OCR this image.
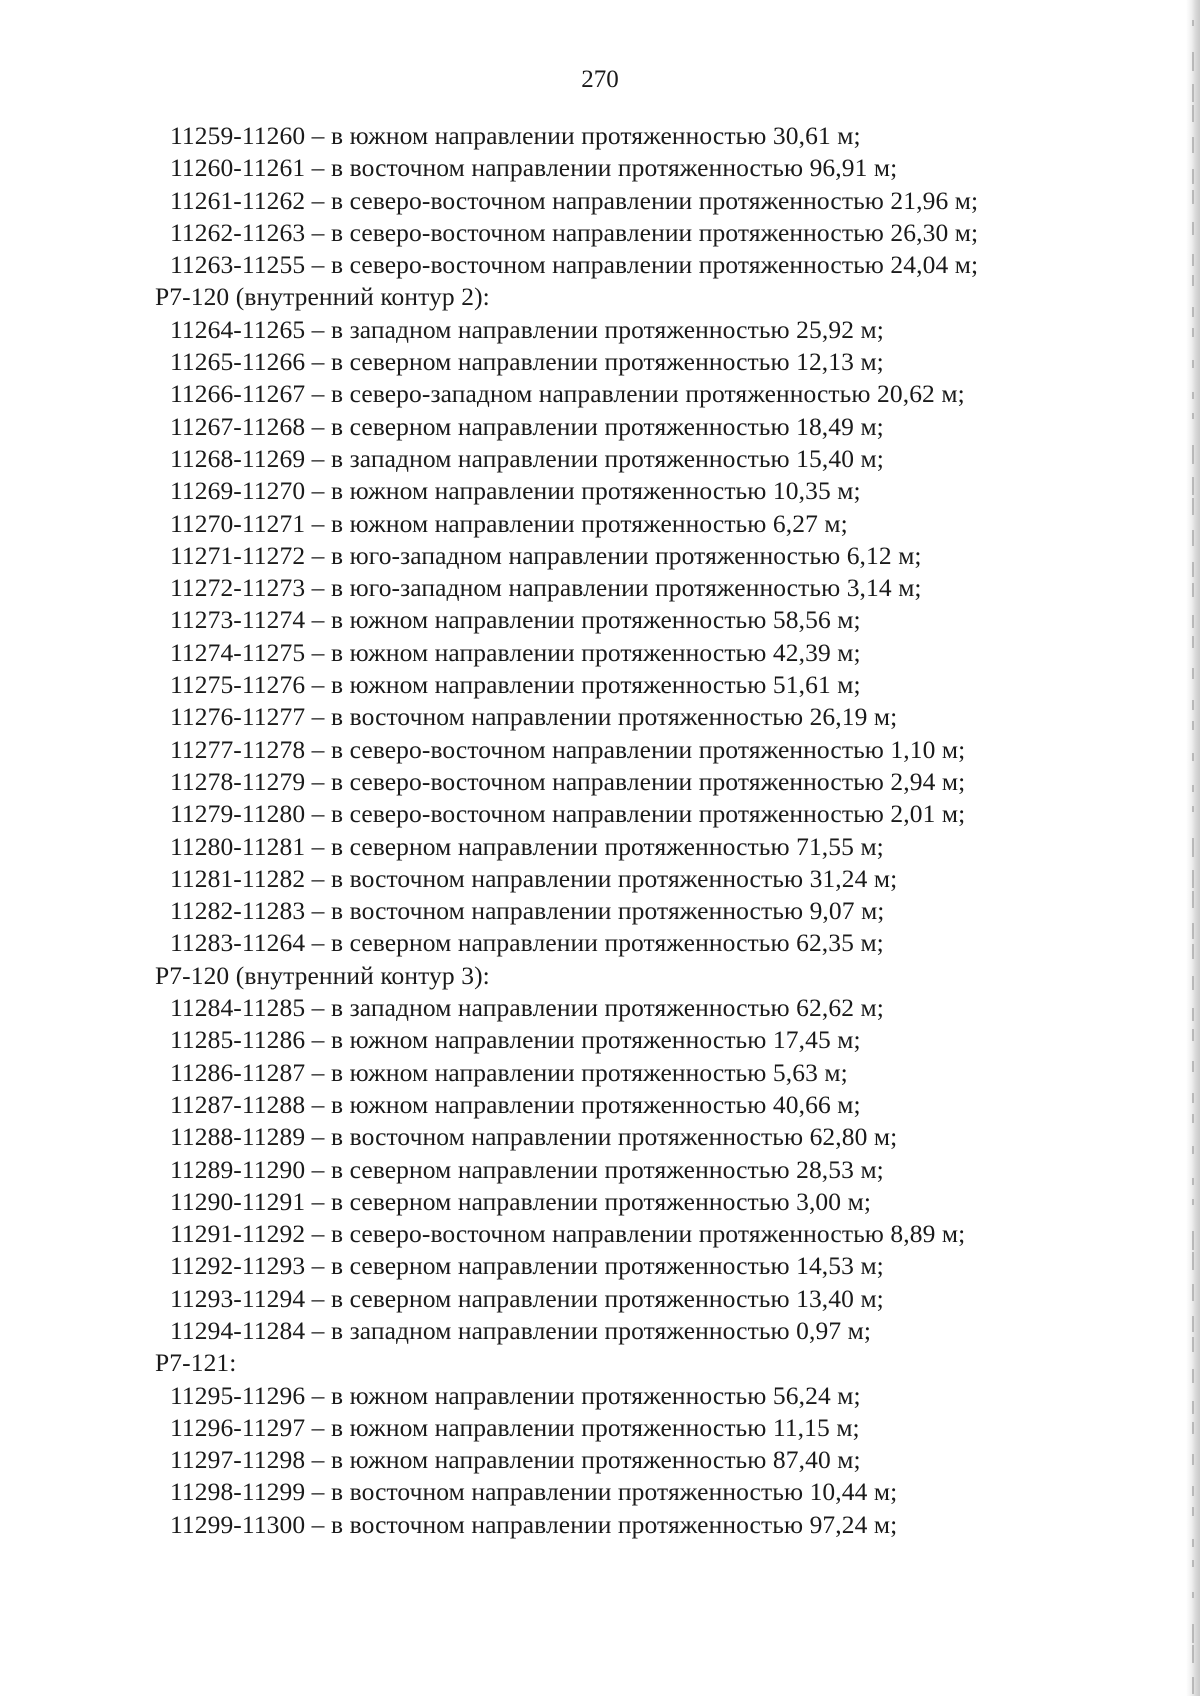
270
11259-11260 – в южном направлении протяженностью 30,61 м;
11260-11261 – в восточном направлении протяженностью 96,91 м;
11261-11262 – в северо-восточном направлении протяженностью 21,96 м;
11262-11263 – в северо-восточном направлении протяженностью 26,30 м;
11263-11255 – в северо-восточном направлении протяженностью 24,04 м;
Р7-120 (внутренний контур 2):
11264-11265 – в западном направлении протяженностью 25,92 м;
11265-11266 – в северном направлении протяженностью 12,13 м;
11266-11267 – в северо-западном направлении протяженностью 20,62 м;
11267-11268 – в северном направлении протяженностью 18,49 м;
11268-11269 – в западном направлении протяженностью 15,40 м;
11269-11270 – в южном направлении протяженностью 10,35 м;
11270-11271 – в южном направлении протяженностью 6,27 м;
11271-11272 – в юго-западном направлении протяженностью 6,12 м;
11272-11273 – в юго-западном направлении протяженностью 3,14 м;
11273-11274 – в южном направлении протяженностью 58,56 м;
11274-11275 – в южном направлении протяженностью 42,39 м;
11275-11276 – в южном направлении протяженностью 51,61 м;
11276-11277 – в восточном направлении протяженностью 26,19 м;
11277-11278 – в северо-восточном направлении протяженностью 1,10 м;
11278-11279 – в северо-восточном направлении протяженностью 2,94 м;
11279-11280 – в северо-восточном направлении протяженностью 2,01 м;
11280-11281 – в северном направлении протяженностью 71,55 м;
11281-11282 – в восточном направлении протяженностью 31,24 м;
11282-11283 – в восточном направлении протяженностью 9,07 м;
11283-11264 – в северном направлении протяженностью 62,35 м;
Р7-120 (внутренний контур 3):
11284-11285 – в западном направлении протяженностью 62,62 м;
11285-11286 – в южном направлении протяженностью 17,45 м;
11286-11287 – в южном направлении протяженностью 5,63 м;
11287-11288 – в южном направлении протяженностью 40,66 м;
11288-11289 – в восточном направлении протяженностью 62,80 м;
11289-11290 – в северном направлении протяженностью 28,53 м;
11290-11291 – в северном направлении протяженностью 3,00 м;
11291-11292 – в северо-восточном направлении протяженностью 8,89 м;
11292-11293 – в северном направлении протяженностью 14,53 м;
11293-11294 – в северном направлении протяженностью 13,40 м;
11294-11284 – в западном направлении протяженностью 0,97 м;
Р7-121:
11295-11296 – в южном направлении протяженностью 56,24 м;
11296-11297 – в южном направлении протяженностью 11,15 м;
11297-11298 – в южном направлении протяженностью 87,40 м;
11298-11299 – в восточном направлении протяженностью 10,44 м;
11299-11300 – в восточном направлении протяженностью 97,24 м;
